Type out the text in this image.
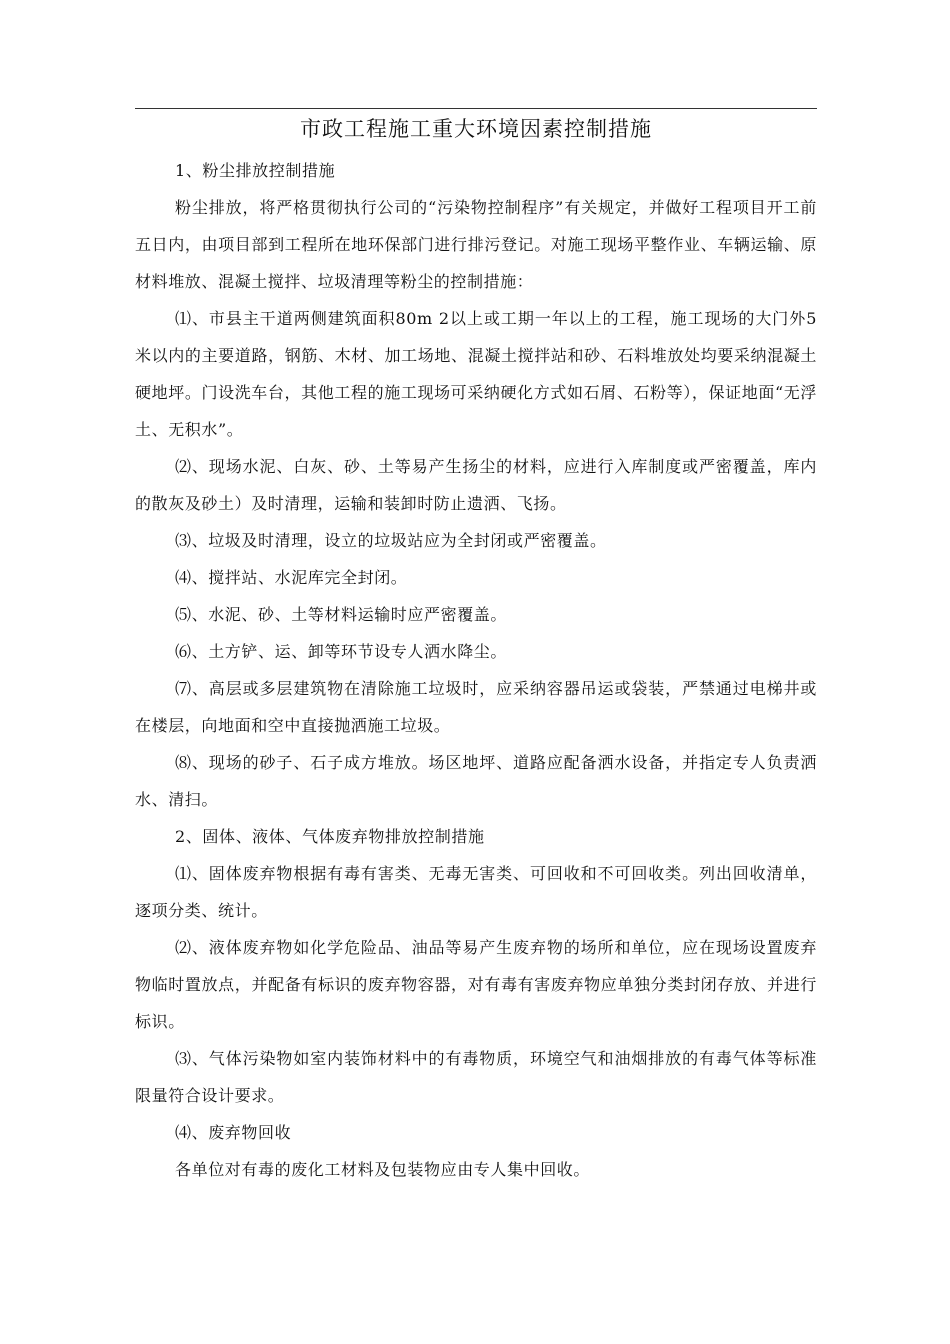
市政工程施工重大环境因素控制措施

1、粉尘排放控制措施

粉尘排放，将严格贯彻执行公司的“污染物控制程序”有关规定，并做好工程项目开工前五日内，由项目部到工程所在地环保部门进行排污登记。对施工现场平整作业、车辆运输、原材料堆放、混凝土搅拌、垃圾清理等粉尘的控制措施：

⑴、市县主干道两侧建筑面积80m 2以上或工期一年以上的工程，施工现场的大门外5米以内的主要道路，钢筋、木材、加工场地、混凝土搅拌站和砂、石料堆放处均要采纳混凝土硬地坪。门设洗车台，其他工程的施工现场可采纳硬化方式如石屑、石粉等），保证地面“无浮土、无积水”。

⑵、现场水泥、白灰、砂、土等易产生扬尘的材料，应进行入库制度或严密覆盖，库内的散灰及砂土）及时清理，运输和装卸时防止遗洒、飞扬。

⑶、垃圾及时清理，设立的垃圾站应为全封闭或严密覆盖。

⑷、搅拌站、水泥库完全封闭。

⑸、水泥、砂、土等材料运输时应严密覆盖。

⑹、土方铲、运、卸等环节设专人洒水降尘。

⑺、高层或多层建筑物在清除施工垃圾时，应采纳容器吊运或袋装，严禁通过电梯井或在楼层，向地面和空中直接抛洒施工垃圾。

⑻、现场的砂子、石子成方堆放。场区地坪、道路应配备洒水设备，并指定专人负责洒水、清扫。

2、固体、液体、气体废弃物排放控制措施

⑴、固体废弃物根据有毒有害类、无毒无害类、可回收和不可回收类。列出回收清单，逐项分类、统计。

⑵、液体废弃物如化学危险品、油品等易产生废弃物的场所和单位，应在现场设置废弃物临时置放点，并配备有标识的废弃物容器，对有毒有害废弃物应单独分类封闭存放、并进行标识。

⑶、气体污染物如室内装饰材料中的有毒物质，环境空气和油烟排放的有毒气体等标准限量符合设计要求。

⑷、废弃物回收

各单位对有毒的废化工材料及包装物应由专人集中回收。
